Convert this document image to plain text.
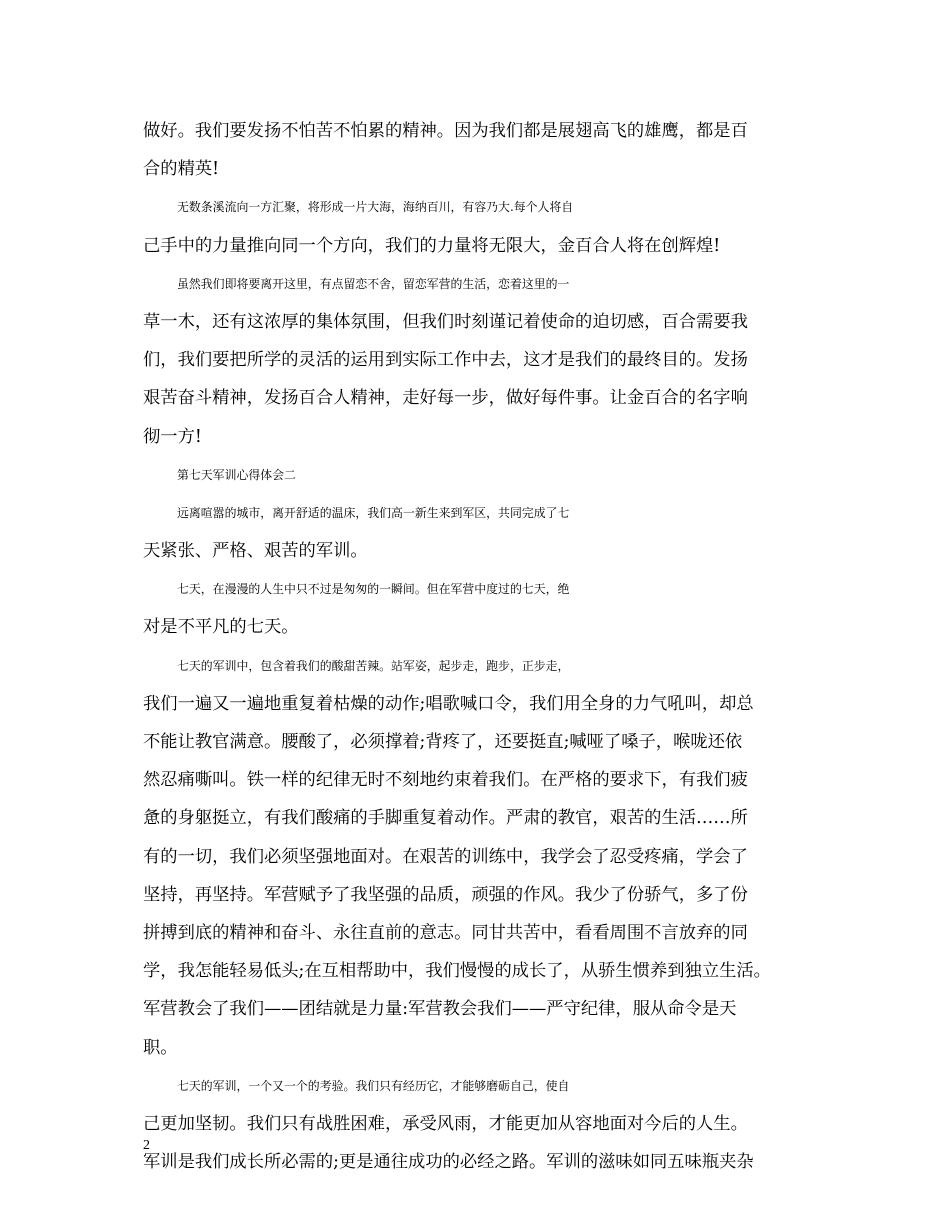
做好。我们要发扬不怕苦不怕累的精神。因为我们都是展翅高飞的雄鹰，都是百
合的精英!
无数条溪流向一方汇聚，将形成一片大海，海纳百川，有容乃大.每个人将自
己手中的力量推向同一个方向，我们的力量将无限大，金百合人将在创辉煌!
虽然我们即将要离开这里，有点留恋不舍，留恋军营的生活，恋着这里的一
草一木，还有这浓厚的集体氛围，但我们时刻谨记着使命的迫切感，百合需要我
们，我们要把所学的灵活的运用到实际工作中去，这才是我们的最终目的。发扬
艰苦奋斗精神，发扬百合人精神，走好每一步，做好每件事。让金百合的名字响
彻一方!
第七天军训心得体会二
远离喧嚣的城市，离开舒适的温床，我们高一新生来到军区，共同完成了七
天紧张、严格、艰苦的军训。
七天，在漫漫的人生中只不过是匆匆的一瞬间。但在军营中度过的七天，绝
对是不平凡的七天。
七天的军训中，包含着我们的酸甜苦辣。站军姿，起步走，跑步，正步走，
我们一遍又一遍地重复着枯燥的动作;唱歌喊口令，我们用全身的力气吼叫，却总
不能让教官满意。腰酸了，必须撑着;背疼了，还要挺直;喊哑了嗓子，喉咙还依
然忍痛嘶叫。铁一样的纪律无时不刻地约束着我们。在严格的要求下，有我们疲
惫的身躯挺立，有我们酸痛的手脚重复着动作。严肃的教官，艰苦的生活……所
有的一切，我们必须坚强地面对。在艰苦的训练中，我学会了忍受疼痛，学会了
坚持，再坚持。军营赋予了我坚强的品质，顽强的作风。我少了份骄气，多了份
拼搏到底的精神和奋斗、永往直前的意志。同甘共苦中，看看周围不言放弃的同
学，我怎能轻易低头;在互相帮助中，我们慢慢的成长了，从骄生惯养到独立生活。
军营教会了我们——团结就是力量:军营教会我们——严守纪律，服从命令是天
职。
七天的军训，一个又一个的考验。我们只有经历它，才能够磨砺自己，使自
己更加坚韧。我们只有战胜困难，承受风雨，才能更加从容地面对今后的人生。
军训是我们成长所必需的;更是通往成功的必经之路。军训的滋味如同五味瓶夹杂
2
